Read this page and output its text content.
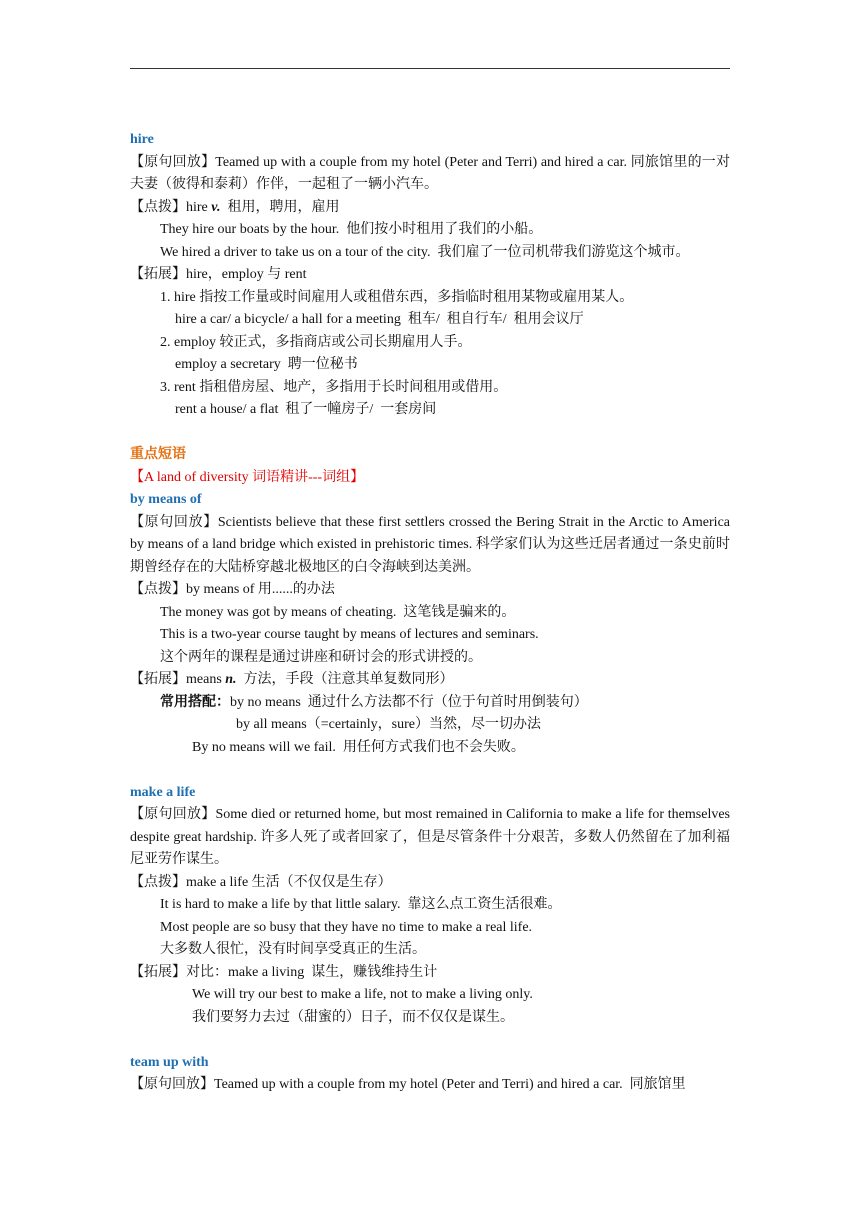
hire
【原句回放】Teamed up with a couple from my hotel (Peter and Terri) and hired a car. 同旅馆里的一对夫妻（彼得和泰莉）作伴，一起租了一辆小汽车。
【点拨】hire v.  租用，聘用，雇用
They hire our boats by the hour.  他们按小时租用了我们的小船。
We hired a driver to take us on a tour of the city.  我们雇了一位司机带我们游览这个城市。
【拓展】hire，employ 与 rent
1. hire 指按工作量或时间雇用人或租借东西，多指临时租用某物或雇用某人。
hire a car/ a bicycle/ a hall for a meeting  租车/  租自行车/  租用会议厅
2. employ 较正式，多指商店或公司长期雇用人手。
employ a secretary  聘一位秘书
3. rent 指租借房屋、地产，多指用于长时间租用或借用。
rent a house/ a flat  租了一幢房子/  一套房间
重点短语
【A land of diversity 词语精讲---词组】
by means of
【原句回放】Scientists believe that these first settlers crossed the Bering Strait in the Arctic to America by means of a land bridge which existed in prehistoric times. 科学家们认为这些迁居者通过一条史前时期曾经存在的大陆桥穿越北极地区的白令海峡到达美洲。
【点拨】by means of 用......的办法
The money was got by means of cheating.  这笔钱是骗来的。
This is a two-year course taught by means of lectures and seminars.
这个两年的课程是通过讲座和研讨会的形式讲授的。
【拓展】means n.  方法，手段（注意其单复数同形）
常用搭配：by no means  通过什么方法都不行（位于句首时用倒装句）
by all means（=certainly，sure）当然，尽一切办法
By no means will we fail.  用任何方式我们也不会失败。
make a life
【原句回放】Some died or returned home, but most remained in California to make a life for themselves despite great hardship. 许多人死了或者回家了，但是尽管条件十分艰苦，多数人仍然留在了加利福尼亚劳作谋生。
【点拨】make a life 生活（不仅仅是生存）
It is hard to make a life by that little salary.  靠这么点工资生活很难。
Most people are so busy that they have no time to make a real life.
大多数人很忙，没有时间享受真正的生活。
【拓展】对比：make a living  谋生，赚钱维持生计
We will try our best to make a life, not to make a living only.
我们要努力去过（甜蜜的）日子，而不仅仅是谋生。
team up with
【原句回放】Teamed up with a couple from my hotel (Peter and Terri) and hired a car.  同旅馆里
